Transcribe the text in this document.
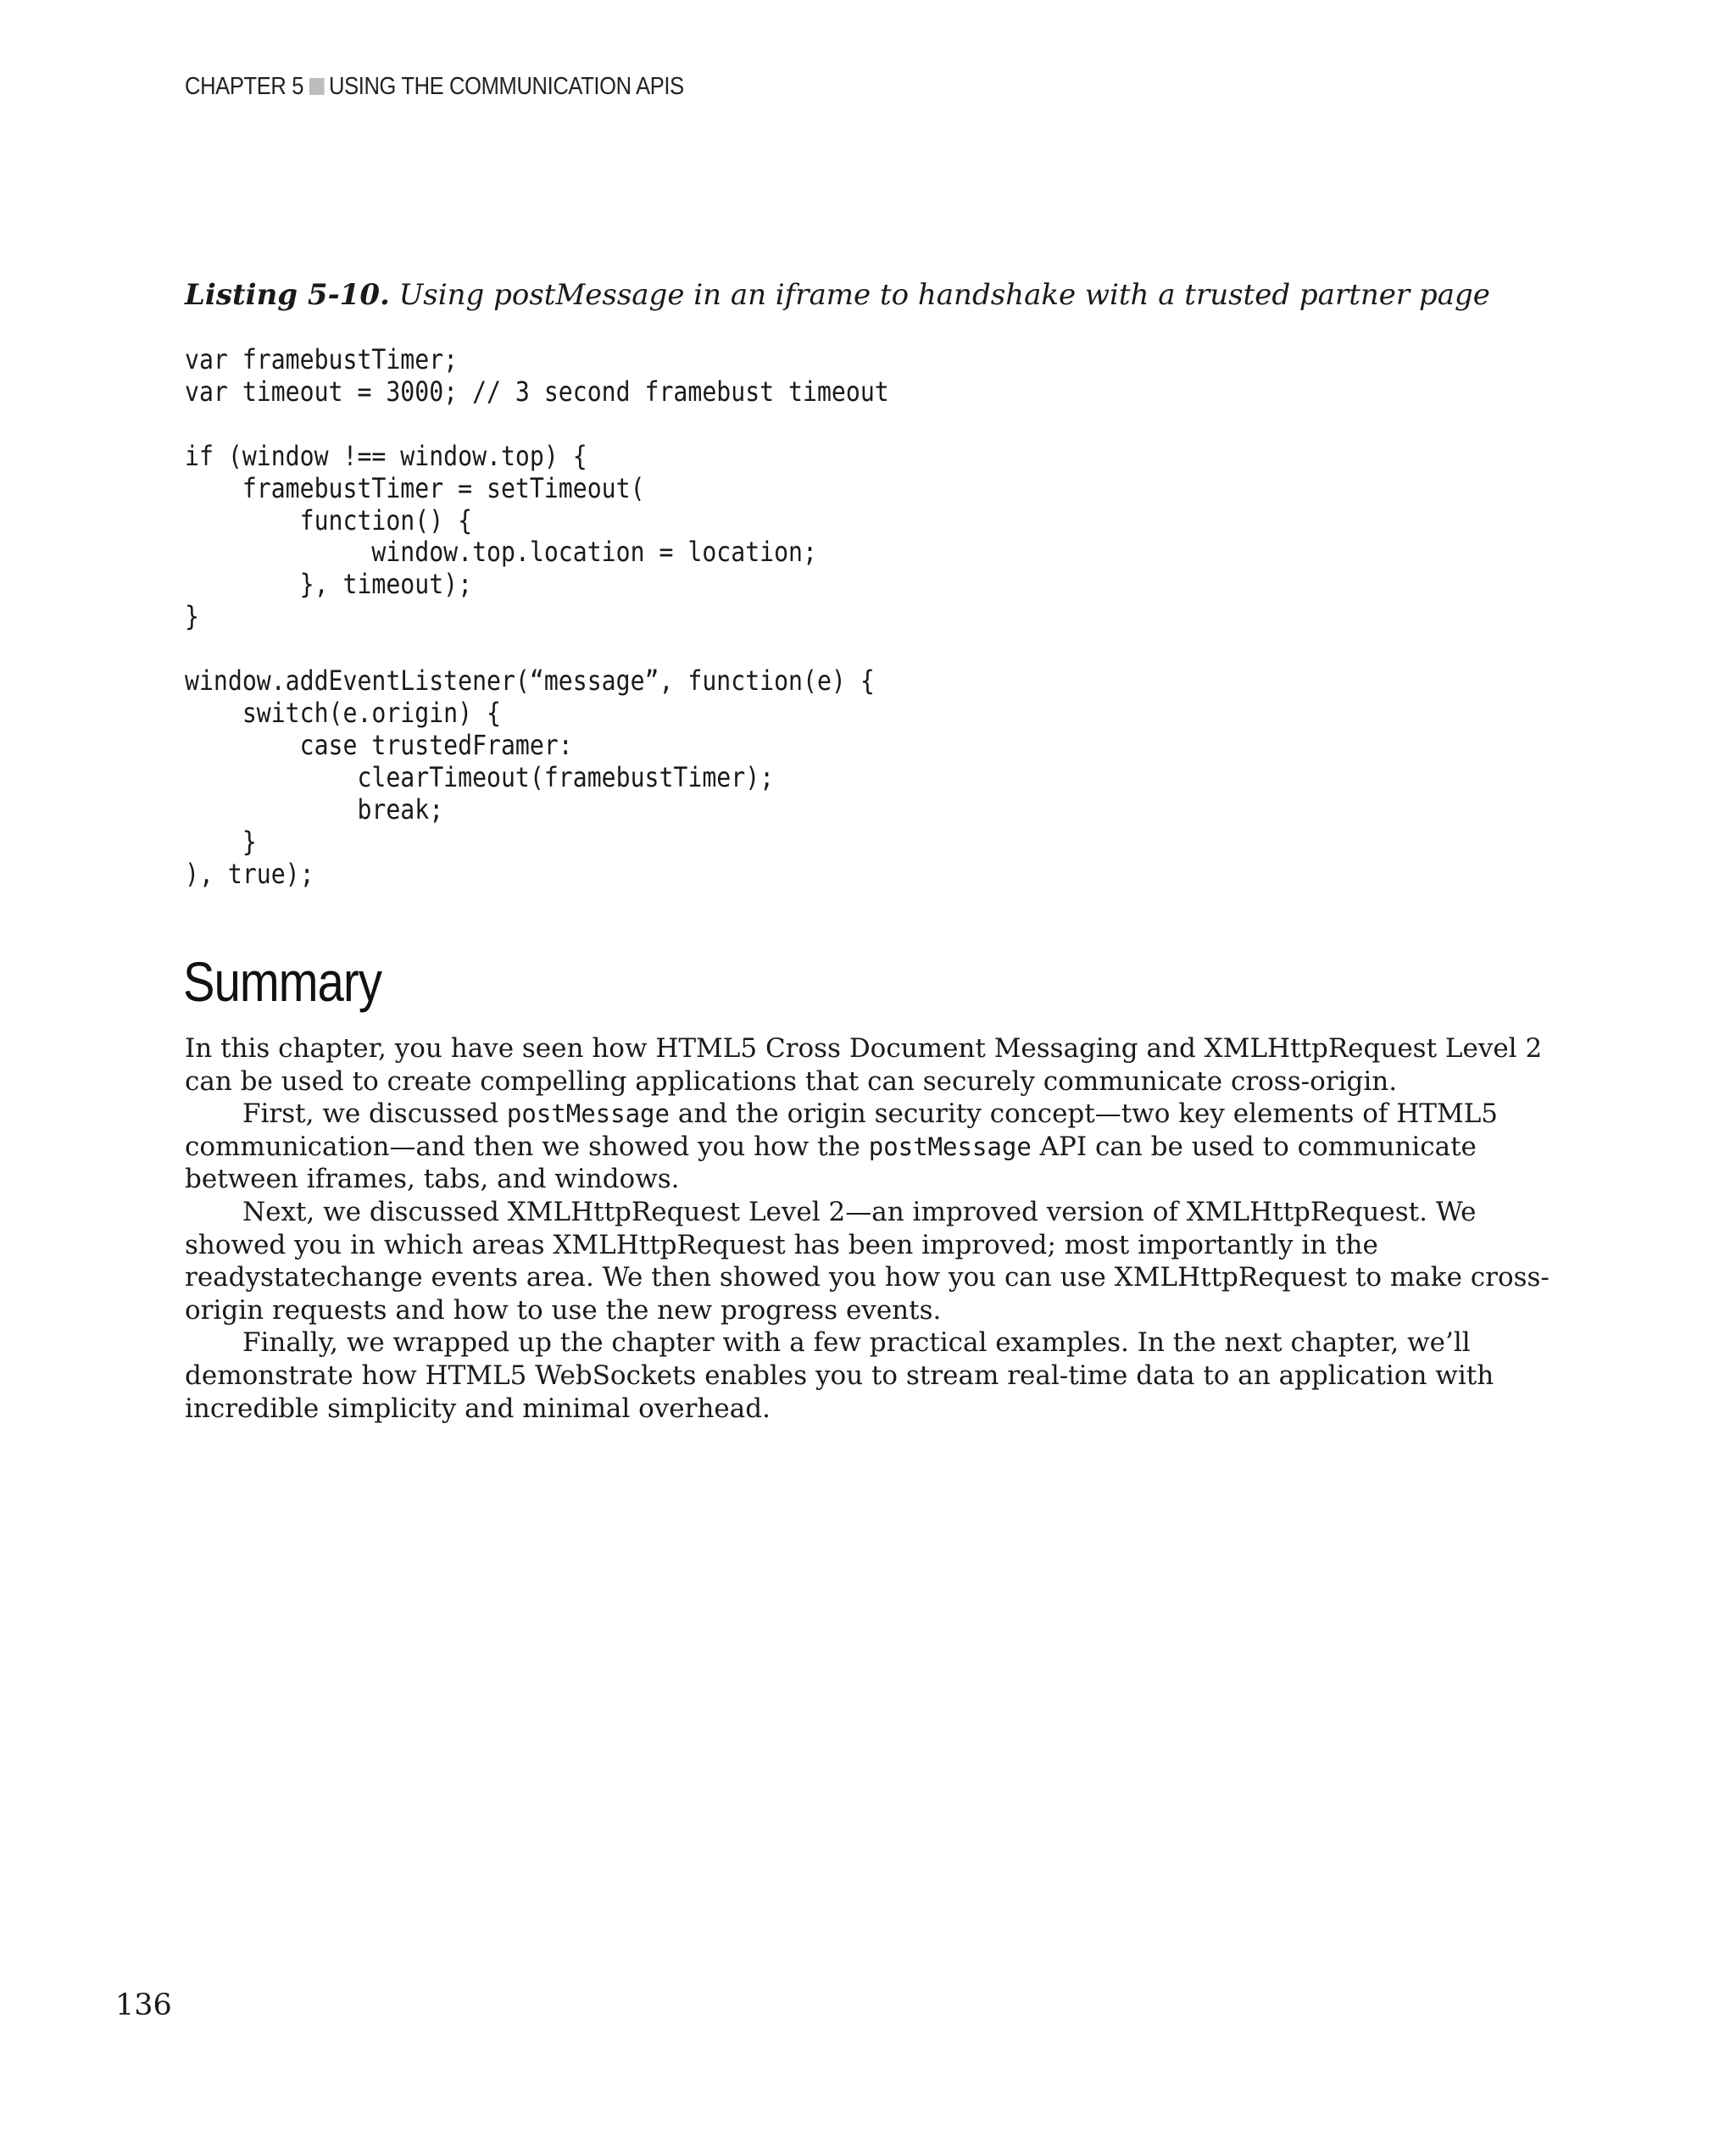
CHAPTER 5 USING THE COMMUNICATION APIS
Listing 5-10. Using postMessage in an iframe to handshake with a trusted partner page
var framebustTimer;
var timeout = 3000; // 3 second framebust timeout

if (window !== window.top) {
framebustTimer = setTimeout(
function() {
window.top.location = location;
}, timeout);
}

window.addEventListener(“message”, function(e) {
switch(e.origin) {
case trustedFramer:
clearTimeout(framebustTimer);
break;
}
), true);
Summary

In this chapter, you have seen how HTML5 Cross Document Messaging and XMLHttpRequest Level 2
can be used to create compelling applications that can securely communicate cross-origin.

First, we discussed postMessage and the origin security concept—two key elements of HTML5
communication—and then we showed you how the postMessage API can be used to communicate
between iframes, tabs, and windows.

Next, we discussed XMLHttpRequest Level 2—an improved version of XMLHttpRequest. We
showed you in which areas XMLHttpRequest has been improved; most importantly in the
readystatechange events area. We then showed you how you can use XMLHttpRequest to make cross-
origin requests and how to use the new progress events.

Finally, we wrapped up the chapter with a few practical examples. In the next chapter, we’ll
demonstrate how HTML5 WebSockets enables you to stream real-time data to an application with
incredible simplicity and minimal overhead.

136
